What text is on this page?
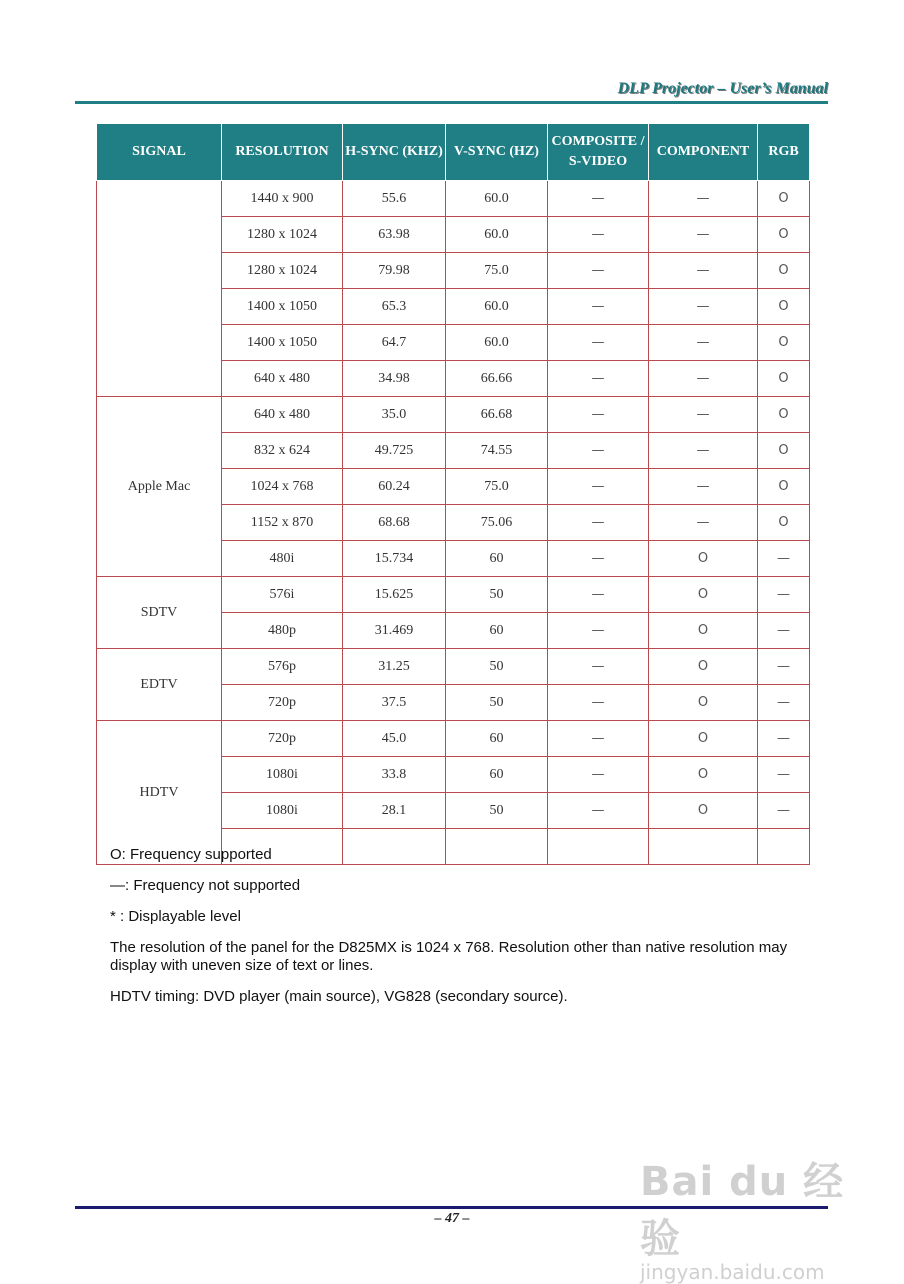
DLP Projector – User’s Manual
SIGNAL	RESOLUTION	H-SYNC (KHZ)	V-SYNC (HZ)	COMPOSITE / S-VIDEO	COMPONENT	RGB
	1440 x 900	55.6	60.0	—	—	O
	1280 x 1024	63.98	60.0	—	—	O
	1280 x 1024	79.98	75.0	—	—	O
	1400 x 1050	65.3	60.0	—	—	O
	1400 x 1050	64.7	60.0	—	—	O
	640 x 480	34.98	66.66	—	—	O
Apple Mac	640 x 480	35.0	66.68	—	—	O
	832 x 624	49.725	74.55	—	—	O
	1024 x 768	60.24	75.0	—	—	O
	1152 x 870	68.68	75.06	—	—	O
	480i	15.734	60	—	O	—
SDTV	576i	15.625	50	—	O	—
	480p	31.469	60	—	O	—
EDTV	576p	31.25	50	—	O	—
	720p	37.5	50	—	O	—
HDTV	720p	45.0	60	—	O	—
	1080i	33.8	60	—	O	—
	1080i	28.1	50	—	O	—

O: Frequency supported

—: Frequency not supported

* : Displayable level

The resolution of the panel for the D825MX is 1024 x 768. Resolution other than native resolution may display with uneven size of text or lines.

HDTV timing: DVD player (main source), VG828 (secondary source).

Bai du 经验
jingyan.baidu.com
– 47 –
